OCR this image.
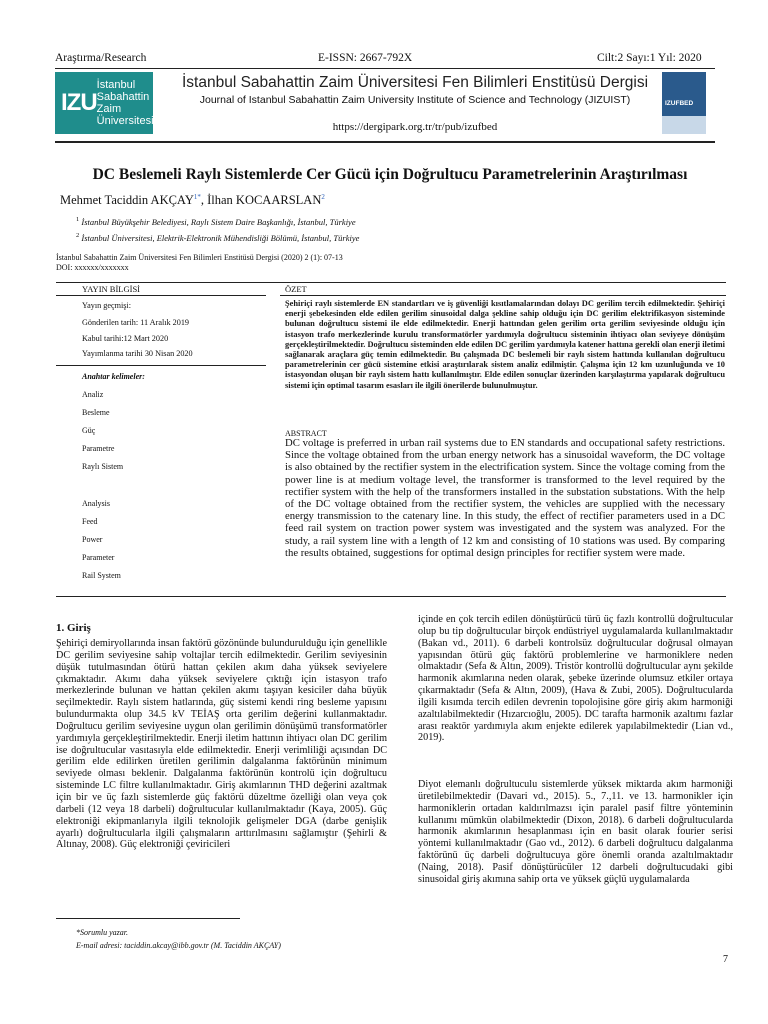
Araştırma/Research	E-ISSN: 2667-792X	Cilt:2 Sayı:1 Yıl: 2020
IZU
İstanbul
Sabahattin
Zaim
Üniversitesi
İstanbul Sabahattin Zaim Üniversitesi Fen Bilimleri Enstitüsü Dergisi
Journal of Istanbul Sabahattin Zaim University Institute of Science and Technology (JIZUIST)
https://dergipark.org.tr/tr/pub/izufbed
IZUFBED
DC Beslemeli Raylı Sistemlerde Cer Gücü için Doğrultucu Parametrelerinin Araştırılması
Mehmet Taciddin $AKÇAY^{1*}$, İlhan KOCAARSLAN$^2$
$^1$ İstanbul Büyükşehir Belediyesi, Raylı Sistem Daire Başkanlığı, İstanbul, Türkiye
$^2$ İstanbul Üniversitesi, Elektrik-Elektronik Mühendisliği Bölümü, İstanbul, Türkiye
İstanbul Sabahattin Zaim Üniversitesi Fen Bilimleri Enstitüsü Dergisi (2020) 2 (1): 07-13
DOI: xxxxxx/xxxxxxx
YAYIN BİLGİSİ	ÖZET
Yayın geçmişi:
Gönderilen tarih: 11 Aralık 2019
Kabul tarihi:12 Mart 2020
Yayımlanma tarihi 30 Nisan 2020
Anahtar kelimeler:
Analiz
Besleme
Güç
Parametre
Raylı Sistem
Analysis
Feed
Power
Parameter
Rail System
Şehiriçi raylı sistemlerde EN standartları ve iş güvenliği kısıtlamalarından dolayı DC gerilim tercih edilmektedir. Şehiriçi enerji şebekesinden elde edilen gerilim sinusoidal dalga şekline sahip olduğu için DC gerilim elektrifikasyon sisteminde bulunan doğrultucu sistemi ile elde edilmektedir. Enerji hattından gelen gerilim orta gerilim seviyesinde olduğu için istasyon trafo merkezlerinde kurulu transformatörler yardımıyla doğrultucu sisteminin ihtiyacı olan seviyeye dönüşüm gerçekleştirilmektedir. Doğrultucu sisteminden elde edilen DC gerilim yardımıyla katener hattına gerekli olan enerji iletimi sağlanarak araçlara güç temin edilmektedir. Bu çalışmada DC beslemeli bir raylı sistem hattında kullanılan doğrultucu parametrelerinin cer gücü sistemine etkisi araştırılarak sistem analiz edilmiştir. Çalışma için 12 km uzunluğunda ve 10 istasyondan oluşan bir raylı sistem hattı kullanılmıştır. Elde edilen sonuçlar üzerinden karşılaştırma yapılarak doğrultucu sistemi için optimal tasarım esasları ile ilgili önerilerde bulunulmuştur.
ABSTRACT
DC voltage is preferred in urban rail systems due to EN standards and occupational safety restrictions. Since the voltage obtained from the urban energy network has a sinusoidal waveform, the DC voltage is also obtained by the rectifier system in the electrification system. Since the voltage coming from the power line is at medium voltage level, the transformer is transformed to the level required by the rectifier system with the help of the transformers installed in the substation substations. With the help of the DC voltage obtained from the rectifier system, the vehicles are supplied with the necessary energy transmission to the catenary line. In this study, the effect of rectifier parameters used in a DC feed rail system on traction power system was investigated and the system was analyzed. For the study, a rail system line with a length of 12 km and consisting of 10 stations was used. By comparing the results obtained, suggestions for optimal design principles for rectifier system were made.
1. Giriş
Şehiriçi demiryollarında insan faktörü gözönünde bulundurulduğu için genellikle DC gerilim seviyesine sahip voltajlar tercih edilmektedir. Gerilim seviyesinin düşük tutulmasından ötürü hattan çekilen akım daha yüksek seviyelere çıkmaktadır. Akımı daha yüksek seviyelere çıktığı için istasyon trafo merkezlerinde bulunan ve hattan çekilen akımı taşıyan kesiciler daha büyük seçilmektedir. Raylı sistem hatlarında, güç sistemi kendi ring besleme yapısını bulundurmakta olup 34.5 kV TEİAŞ orta gerilim değerini kullanmaktadır. Doğrultucu gerilim seviyesine uygun olan gerilimin dönüşümü transformatörler yardımıyla gerçekleştirilmektedir. Enerji iletim hattının ihtiyacı olan DC gerilim ise doğrultucular vasıtasıyla elde edilmektedir. Enerji verimliliği açısından DC gerilim elde edilirken üretilen gerilimin dalgalanma faktörünün minimum seviyede olması beklenir. Dalgalanma faktörünün kontrolü için doğrultucu sisteminde LC filtre kullanılmaktadır. Giriş akımlarının THD değerini azaltmak için bir ve üç fazlı sistemlerde güç faktörü düzeltme özelliği olan veya çok darbeli (12 veya 18 darbeli) doğrultucular kullanılmaktadır (Kaya, 2005). Güç elektroniği ekipmanlarıyla ilgili teknolojik gelişmeler DGA (darbe genişlik ayarlı) doğrultucularla ilgili çalışmaların arttırılmasını sağlamıştır (Şehirli & Altınay, 2008). Güç elektroniği çeviricileri
içinde en çok tercih edilen dönüştürücü türü üç fazlı kontrollü doğrultucular olup bu tip doğrultucular birçok endüstriyel uygulamalarda kullanılmaktadır (Bakan vd., 2011). 6 darbeli kontrolsüz doğrultucular doğrusal olmayan yapısından ötürü güç faktörü problemlerine ve harmoniklere neden olmaktadır (Sefa & Altın, 2009). Tristör kontrollü doğrultucular aynı şekilde harmonik akımlarına neden olarak, şebeke üzerinde olumsuz etkiler ortaya çıkarmaktadır (Sefa & Altın, 2009), (Hava & Zubi, 2005). Doğrultucularda ilgili kısımda tercih edilen devrenin topolojisine göre giriş akım harmoniği azaltılabilmektedir (Hızarcıoğlu, 2005). DC tarafta harmonik azaltımı fazlar arası reaktör yardımıyla akım enjekte edilerek yapılabilmektedir (Lian vd., 2019).
Diyot elemanlı doğrultuculu sistemlerde yüksek miktarda akım harmoniği üretilebilmektedir (Davari vd., 2015). 5., 7.,11. ve 13. harmonikler için harmoniklerin ortadan kaldırılmazsı için paralel pasif filtre yönteminin kullanımı mümkün olabilmektedir (Dixon, 2018). 6 darbeli doğrultucularda harmonik akımlarının hesaplanması için en basit olarak fourier serisi yöntemi kullanılmaktadır (Gao vd., 2012). 6 darbeli doğrultucu dalgalanma faktörünü üç darbeli doğrultucuya göre önemli oranda azaltılmaktadır (Naing, 2018). Pasif dönüştürücüler 12 darbeli doğrultucudaki gibi sinusoidal giriş akımına sahip orta ve yüksek güçlü uygulamalarda
*Sorumlu yazar.
E-mail adresi: taciddin.akcay@ibb.gov.tr (M. Taciddin AKÇAY)
7
